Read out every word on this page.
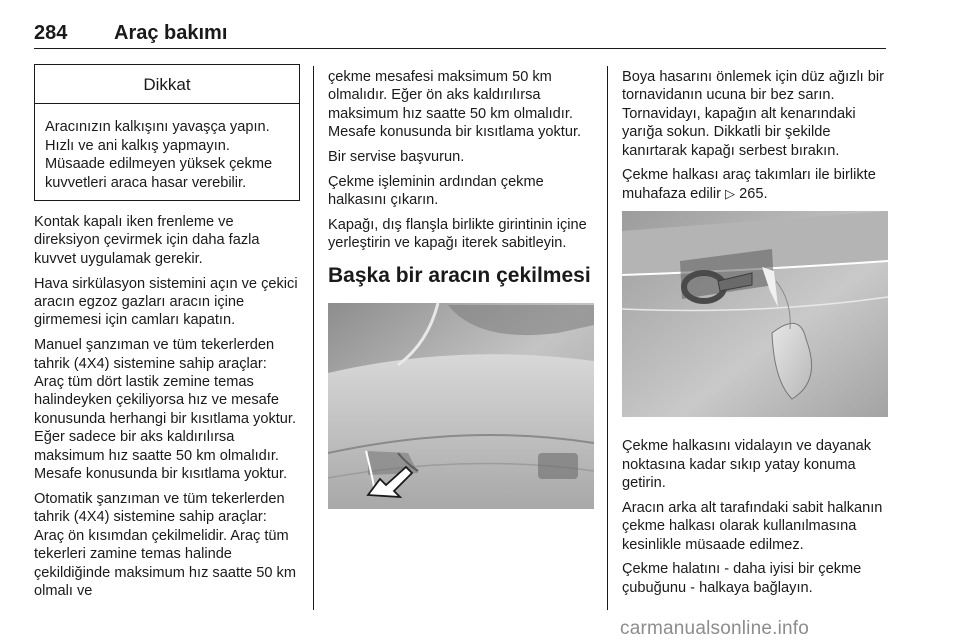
284 Araç bakımı
Dikkat
Aracınızın kalkışını yavaşça yapın. Hızlı ve ani kalkış yapmayın. Müsaade edilmeyen yüksek çekme kuvvetleri araca hasar verebilir.

Kontak kapalı iken frenleme ve direksiyon çevirmek için daha fazla kuvvet uygulamak gerekir.

Hava sirkülasyon sistemini açın ve çekici aracın egzoz gazları aracın içine girmemesi için camları kapatın.

Manuel şanzıman ve tüm tekerlerden tahrik (4X4) sistemine sahip araçlar: Araç tüm dört lastik zemine temas halindeyken çekiliyorsa hız ve mesafe konusunda herhangi bir kısıtlama yoktur. Eğer sadece bir aks kaldırılırsa maksimum hız saatte 50 km olmalıdır. Mesafe konusunda bir kısıtlama yoktur.

Otomatik şanzıman ve tüm tekerlerden tahrik (4X4) sistemine sahip araçlar: Araç ön kısımdan çekilmelidir. Araç tüm tekerleri zamine temas halinde çekildiğinde maksimum hız saatte 50 km olmalı ve

çekme mesafesi maksimum 50 km olmalıdır. Eğer ön aks kaldırılırsa maksimum hız saatte 50 km olmalıdır. Mesafe konusunda bir kısıtlama yoktur.

Bir servise başvurun.

Çekme işleminin ardından çekme halkasını çıkarın.

Kapağı, dış flanşla birlikte girintinin içine yerleştirin ve kapağı iterek sabitleyin.

Başka bir aracın çekilmesi

Boya hasarını önlemek için düz ağızlı bir tornavidanın ucuna bir bez sarın. Tornavidayı, kapağın alt kenarındaki yarığa sokun. Dikkatli bir şekilde kanırtarak kapağı serbest bırakın.

Çekme halkası araç takımları ile birlikte muhafaza edilir ▷ 265.

Çekme halkasını vidalayın ve dayanak noktasına kadar sıkıp yatay konuma getirin.

Aracın arka alt tarafındaki sabit halkanın çekme halkası olarak kullanılmasına kesinlikle müsaade edilmez.

Çekme halatını - daha iyisi bir çekme çubuğunu - halkaya bağlayın.

carmanualsonline.info
